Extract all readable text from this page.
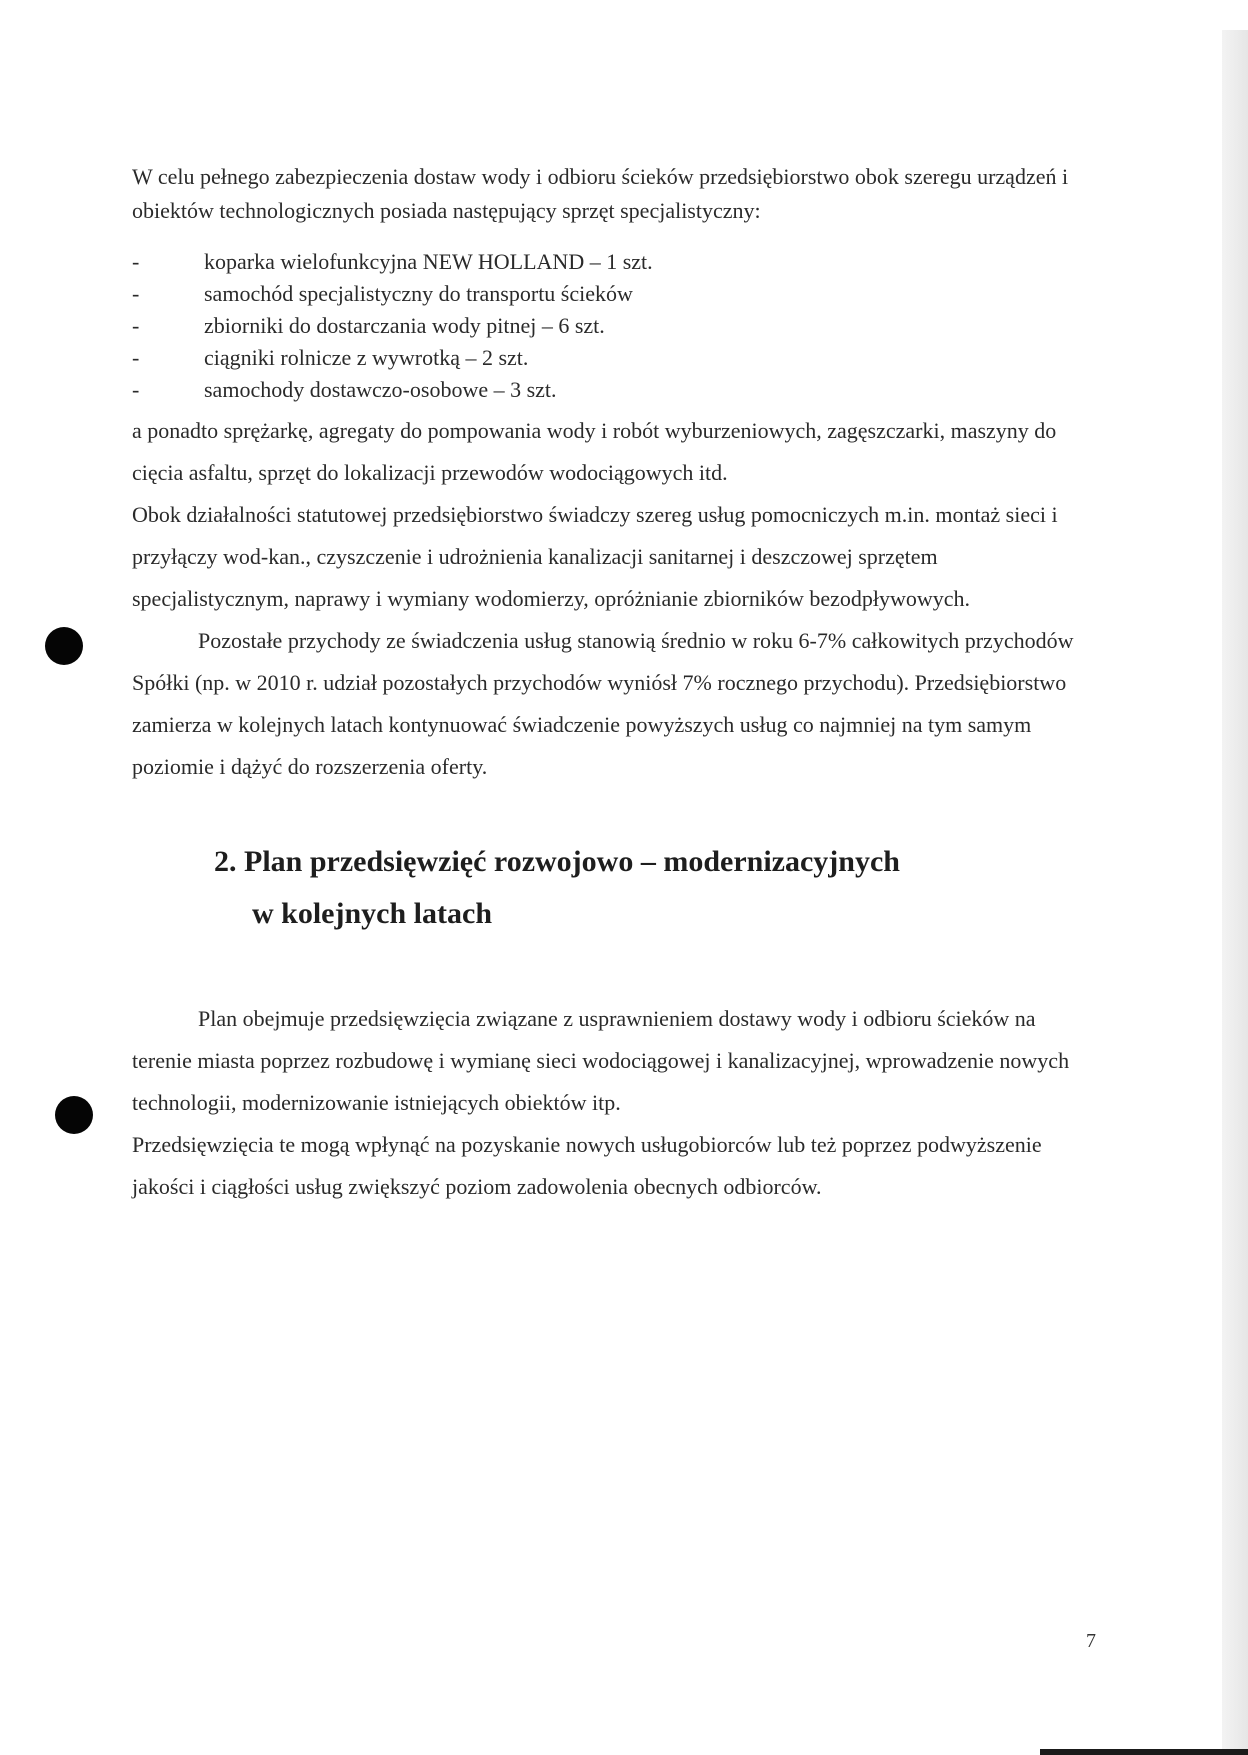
W celu pełnego zabezpieczenia dostaw wody i odbioru ścieków przedsiębiorstwo obok szeregu urządzeń i obiektów technologicznych posiada następujący sprzęt specjalistyczny:

- koparka wielofunkcyjna NEW HOLLAND – 1 szt.
- samochód specjalistyczny do transportu ścieków
- zbiorniki do dostarczania wody pitnej – 6 szt.
- ciągniki rolnicze z wywrotką – 2 szt.
- samochody dostawczo-osobowe – 3 szt.

a ponadto sprężarkę, agregaty do pompowania wody i robót wyburzeniowych, zagęszczarki, maszyny do cięcia asfaltu, sprzęt do lokalizacji przewodów wodociągowych itd.

Obok działalności statutowej przedsiębiorstwo świadczy szereg usług pomocniczych m.in. montaż sieci i przyłączy wod-kan., czyszczenie i udrożnienia kanalizacji sanitarnej i deszczowej sprzętem specjalistycznym, naprawy i wymiany wodomierzy, opróżnianie zbiorników bezodpływowych.

Pozostałe przychody ze świadczenia usług stanowią średnio w roku 6-7% całkowitych przychodów Spółki (np. w 2010 r. udział pozostałych przychodów wyniósł 7% rocznego przychodu). Przedsiębiorstwo zamierza w kolejnych latach kontynuować świadczenie powyższych usług co najmniej na tym samym poziomie i dążyć do rozszerzenia oferty.

2. Plan przedsięwzięć rozwojowo – modernizacyjnych
w kolejnych latach

Plan obejmuje przedsięwzięcia związane z usprawnieniem dostawy wody i odbioru ścieków na terenie miasta poprzez rozbudowę i wymianę sieci wodociągowej i kanalizacyjnej, wprowadzenie nowych technologii, modernizowanie istniejących obiektów itp.

Przedsięwzięcia te mogą wpłynąć na pozyskanie nowych usługobiorców lub też poprzez podwyższenie jakości i ciągłości usług zwiększyć poziom zadowolenia obecnych odbiorców.

7
